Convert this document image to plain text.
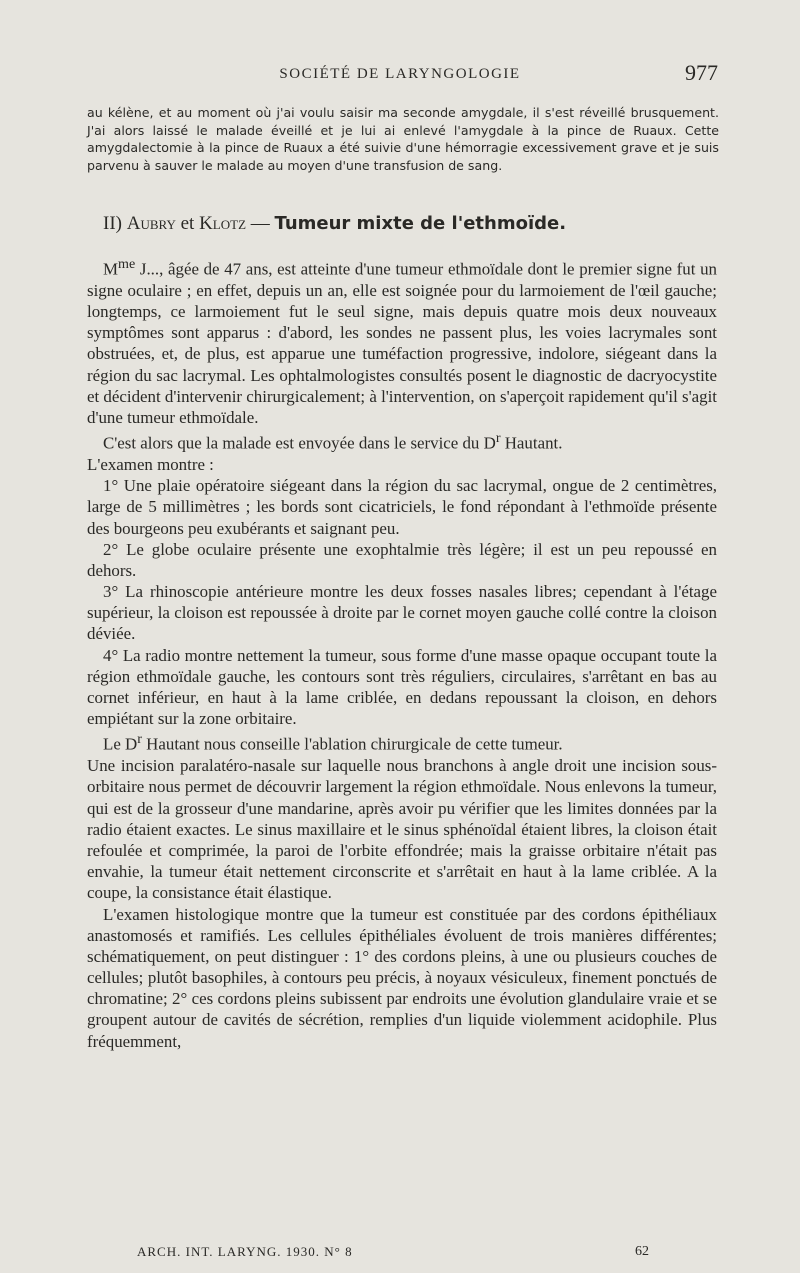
SOCIÉTÉ DE LARYNGOLOGIE	977
au kélène, et au moment où j'ai voulu saisir ma seconde amygdale, il s'est réveillé brusquement. J'ai alors laissé le malade éveillé et je lui ai enlevé l'amygdale à la pince de Ruaux. Cette amygdalectomie à la pince de Ruaux a été suivie d'une hémorragie excessivement grave et je suis parvenu à sauver le malade au moyen d'une transfusion de sang.
II) Aubry et Klotz — Tumeur mixte de l'ethmoïde.

$M^{me}$ J..., âgée de 47 ans, est atteinte d'une tumeur ethmoïdale dont le premier signe fut un signe oculaire ; en effet, depuis un an, elle est soignée pour du larmoiement de l'œil gauche; longtemps, ce larmoiement fut le seul signe, mais depuis quatre mois deux nouveaux symptômes sont apparus : d'abord, les sondes ne passent plus, les voies lacrymales sont obstruées, et, de plus, est apparue une tuméfaction progressive, indolore, siégeant dans la région du sac lacrymal. Les ophtalmologistes consultés posent le diagnostic de dacryocystite et décident d'intervenir chirurgicalement; à l'intervention, on s'aperçoit rapidement qu'il s'agit d'une tumeur ethmoïdale.

C'est alors que la malade est envoyée dans le service du $D^r$ Hautant.

L'examen montre :

1° Une plaie opératoire siégeant dans la région du sac lacrymal, ongue de 2 centimètres, large de 5 millimètres ; les bords sont cicatriciels, le fond répondant à l'ethmoïde présente des bourgeons peu exubérants et saignant peu.

2° Le globe oculaire présente une exophtalmie très légère; il est un peu repoussé en dehors.

3° La rhinoscopie antérieure montre les deux fosses nasales libres; cependant à l'étage supérieur, la cloison est repoussée à droite par le cornet moyen gauche collé contre la cloison déviée.

4° La radio montre nettement la tumeur, sous forme d'une masse opaque occupant toute la région ethmoïdale gauche, les contours sont très réguliers, circulaires, s'arrêtant en bas au cornet inférieur, en haut à la lame criblée, en dedans repoussant la cloison, en dehors empiétant sur la zone orbitaire.

Le $D^r$ Hautant nous conseille l'ablation chirurgicale de cette tumeur.

Une incision paralatéro-nasale sur laquelle nous branchons à angle droit une incision sous-orbitaire nous permet de découvrir largement la région ethmoïdale. Nous enlevons la tumeur, qui est de la grosseur d'une mandarine, après avoir pu vérifier que les limites données par la radio étaient exactes. Le sinus maxillaire et le sinus sphénoïdal étaient libres, la cloison était refoulée et comprimée, la paroi de l'orbite effondrée; mais la graisse orbitaire n'était pas envahie, la tumeur était nettement circonscrite et s'arrêtait en haut à la lame criblée. A la coupe, la consistance était élastique.

L'examen histologique montre que la tumeur est constituée par des cordons épithéliaux anastomosés et ramifiés. Les cellules épithéliales évoluent de trois manières différentes; schématiquement, on peut distinguer : 1° des cordons pleins, à une ou plusieurs couches de cellules; plutôt basophiles, à contours peu précis, à noyaux vésiculeux, finement ponctués de chromatine; 2° ces cordons pleins subissent par endroits une évolution glandulaire vraie et se groupent autour de cavités de sécrétion, remplies d'un liquide violemment acidophile. Plus fréquemment,

ARCH. INT. LARYNG. 1930. N° 8	62
